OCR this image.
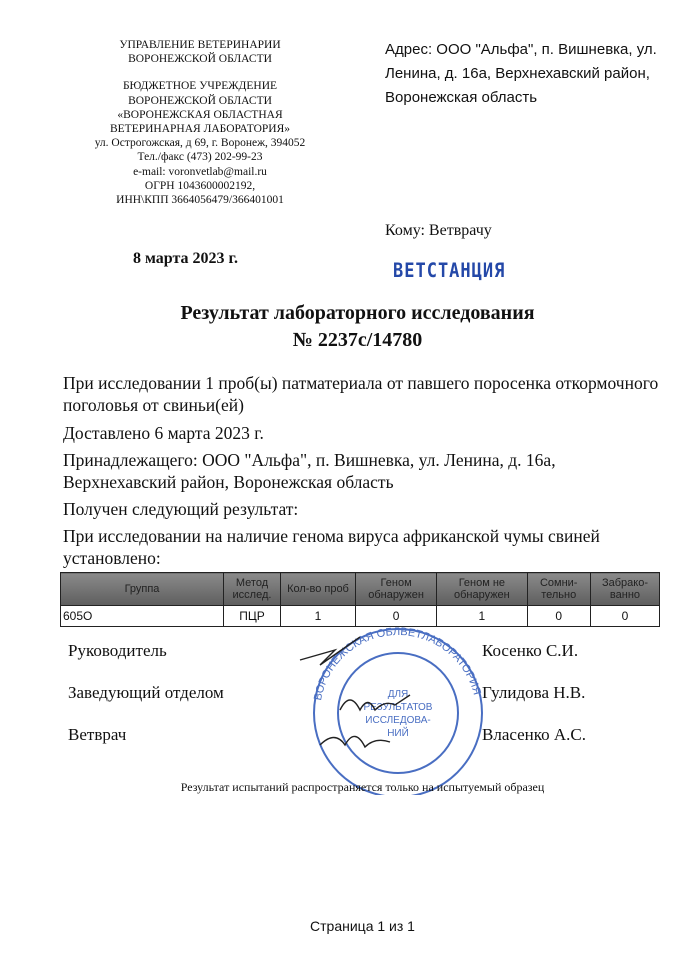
УПРАВЛЕНИЕ ВЕТЕРИНАРИИ
ВОРОНЕЖСКОЙ ОБЛАСТИ
БЮДЖЕТНОЕ УЧРЕЖДЕНИЕ
ВОРОНЕЖСКОЙ ОБЛАСТИ
«ВОРОНЕЖСКАЯ ОБЛАСТНАЯ
ВЕТЕРИНАРНАЯ ЛАБОРАТОРИЯ»
ул. Острогожская, д 69, г. Воронеж, 394052
Тел./факс (473) 202-99-23
e-mail: voronvetlab@mail.ru
ОГРН 1043600002192,
ИНН\КПП 3664056479/366401001
Адрес: ООО "Альфа", п. Вишневка, ул. Ленина, д. 16а, Верхнехавский район, Воронежская область
Кому: Ветврачу
8 марта 2023 г.
ВЕТСТАНЦИЯ
Результат лабораторного исследования
№ 2237с/14780
При исследовании 1 проб(ы) патматериала от павшего поросенка откормочного поголовья от свиньи(ей)
Доставлено 6 марта 2023 г.
Принадлежащего: ООО "Альфа", п. Вишневка, ул. Ленина, д. 16а, Верхнехавский район, Воронежская область
Получен следующий результат:
При исследовании на наличие генома вируса африканской чумы свиней установлено:
Группа	Метод исслед.	Кол-во проб	Геном обнаружен	Геном не обнаружен	Сомни-тельно	Забрако-ванно
605О	ПЦР	1	0	1	0	0
Руководитель	Косенко С.И.
Заведующий отделом	Гулидова Н.В.
Ветврач	Власенко А.С.
ВОРОНЕЖСКАЯ ОБЛВЕТЛАБОРАТОРИЯ
ДЛЯ
РЕЗУЛЬТАТОВ
ИССЛЕДОВА-
НИЙ
Результат испытаний распространяется только на испытуемый образец
Страница 1 из 1
